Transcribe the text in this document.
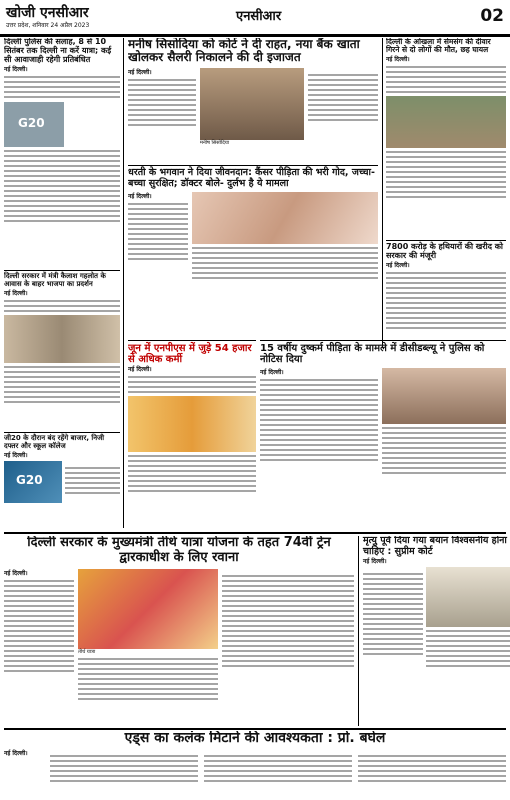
खोजी एनसीआर
उत्तर प्रदेश, शनिवार 24 अप्रैल 2023
एनसीआर	02

दिल्ली पुलिस की सलाह, 8 से 10 सितंबर तक दिल्ली ना करें यात्रा; कई सी आवाजाही रहेगी प्रतिबंधित

नई दिल्ली।
G20

दिल्ली सरकार में मंत्री कैलाश गहलोत के आवास के बाहर भाजपा का प्रदर्शन

नई दिल्ली।

जी20 के दौरान बंद रहेंगे बाजार, निजी दफ्तर और स्कूल कॉलेज

नई दिल्ली।
G20

मनीष सिसोदिया को कोर्ट ने दी राहत, नया बैंक खाता खोलकर सैलरी निकालने की दी इजाजत

नई दिल्ली।
मनीष सिसोदिया

धरती के भगवान ने दिया जीवनदान: कैंसर पीड़िता की भरी गोद, जच्चा-बच्चा सुरक्षित; डॉक्टर बोले- दुर्लभ है ये मामला

नई दिल्ली।

दिल्ली के ओखला में सेमसंग की दीवार गिरने से दो लोगों की मौत, छह घायल

नई दिल्ली।

7800 करोड़ के हथियारों की खरीद को सरकार की मंजूरी

नई दिल्ली।

जून में एनपीएस में जुड़े 54 हजार से अधिक कर्मी

नई दिल्ली।

15 वर्षीय दुष्कर्म पीड़िता के मामले में डीसीडब्ल्यू ने पुलिस को नोटिस दिया

नई दिल्ली।

दिल्ली सरकार के मुख्यमंत्री तीर्थ यात्रा योजना के तहत 74वीं ट्रेन द्वारकाधीश के लिए रवाना

नई दिल्ली।
तीर्थ यात्रा

मृत्यु पूर्व दिया गया बयान विश्वसनीय होना चाहिए : सुप्रीम कोर्ट

नई दिल्ली।

एड्स का कलंक मिटाने की आवश्यकता : प्रो. बघेल

नई दिल्ली।
